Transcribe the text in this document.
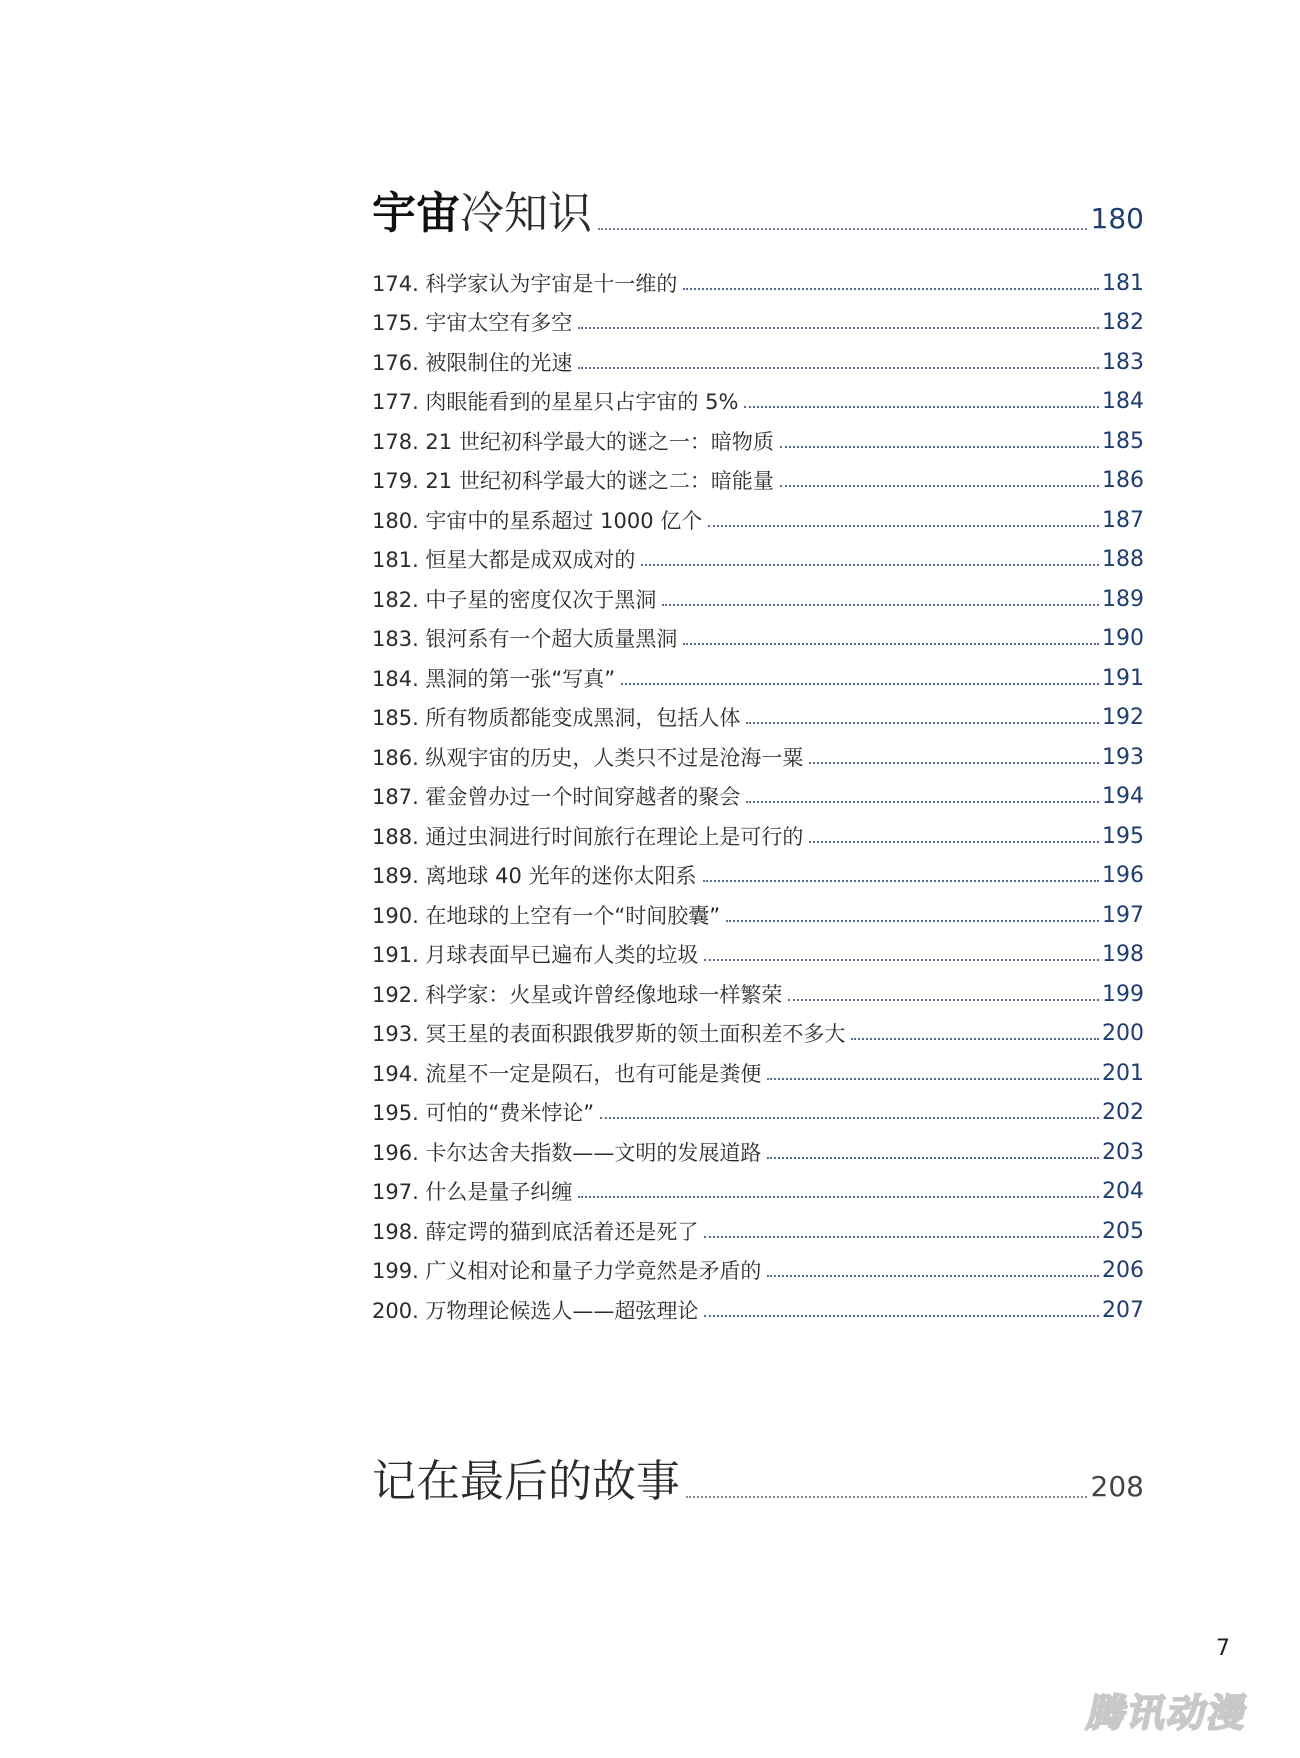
宇宙冷知识	180
174. 科学家认为宇宙是十一维的	181
175. 宇宙太空有多空	182
176. 被限制住的光速	183
177. 肉眼能看到的星星只占宇宙的 5%	184
178. 21 世纪初科学最大的谜之一：暗物质	185
179. 21 世纪初科学最大的谜之二：暗能量	186
180. 宇宙中的星系超过 1000 亿个	187
181. 恒星大都是成双成对的	188
182. 中子星的密度仅次于黑洞	189
183. 银河系有一个超大质量黑洞	190
184. 黑洞的第一张“写真”	191
185. 所有物质都能变成黑洞，包括人体	192
186. 纵观宇宙的历史，人类只不过是沧海一粟	193
187. 霍金曾办过一个时间穿越者的聚会	194
188. 通过虫洞进行时间旅行在理论上是可行的	195
189. 离地球 40 光年的迷你太阳系	196
190. 在地球的上空有一个“时间胶囊”	197
191. 月球表面早已遍布人类的垃圾	198
192. 科学家：火星或许曾经像地球一样繁荣	199
193. 冥王星的表面积跟俄罗斯的领土面积差不多大	200
194. 流星不一定是陨石，也有可能是粪便	201
195. 可怕的“费米悖论”	202
196. 卡尔达舍夫指数——文明的发展道路	203
197. 什么是量子纠缠	204
198. 薛定谔的猫到底活着还是死了	205
199. 广义相对论和量子力学竟然是矛盾的	206
200. 万物理论候选人——超弦理论	207
记在最后的故事	208
7
腾讯动漫
